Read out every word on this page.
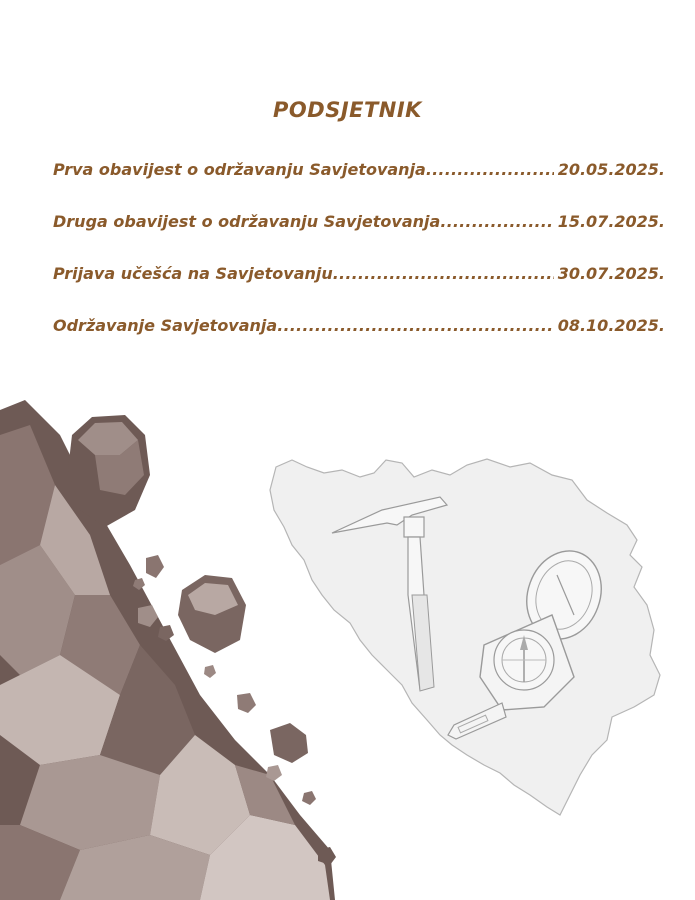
PODSJETNIK
Prva obavijest o održavanju Savjetovanja .....	20.05.2025.
Druga obavijest o održavanju Savjetovanja .....	15.07.2025.
Prijava učešća na Savjetovanju .....	30.07.2025.
Održavanje Savjetovanja .....	08.10.2025.
